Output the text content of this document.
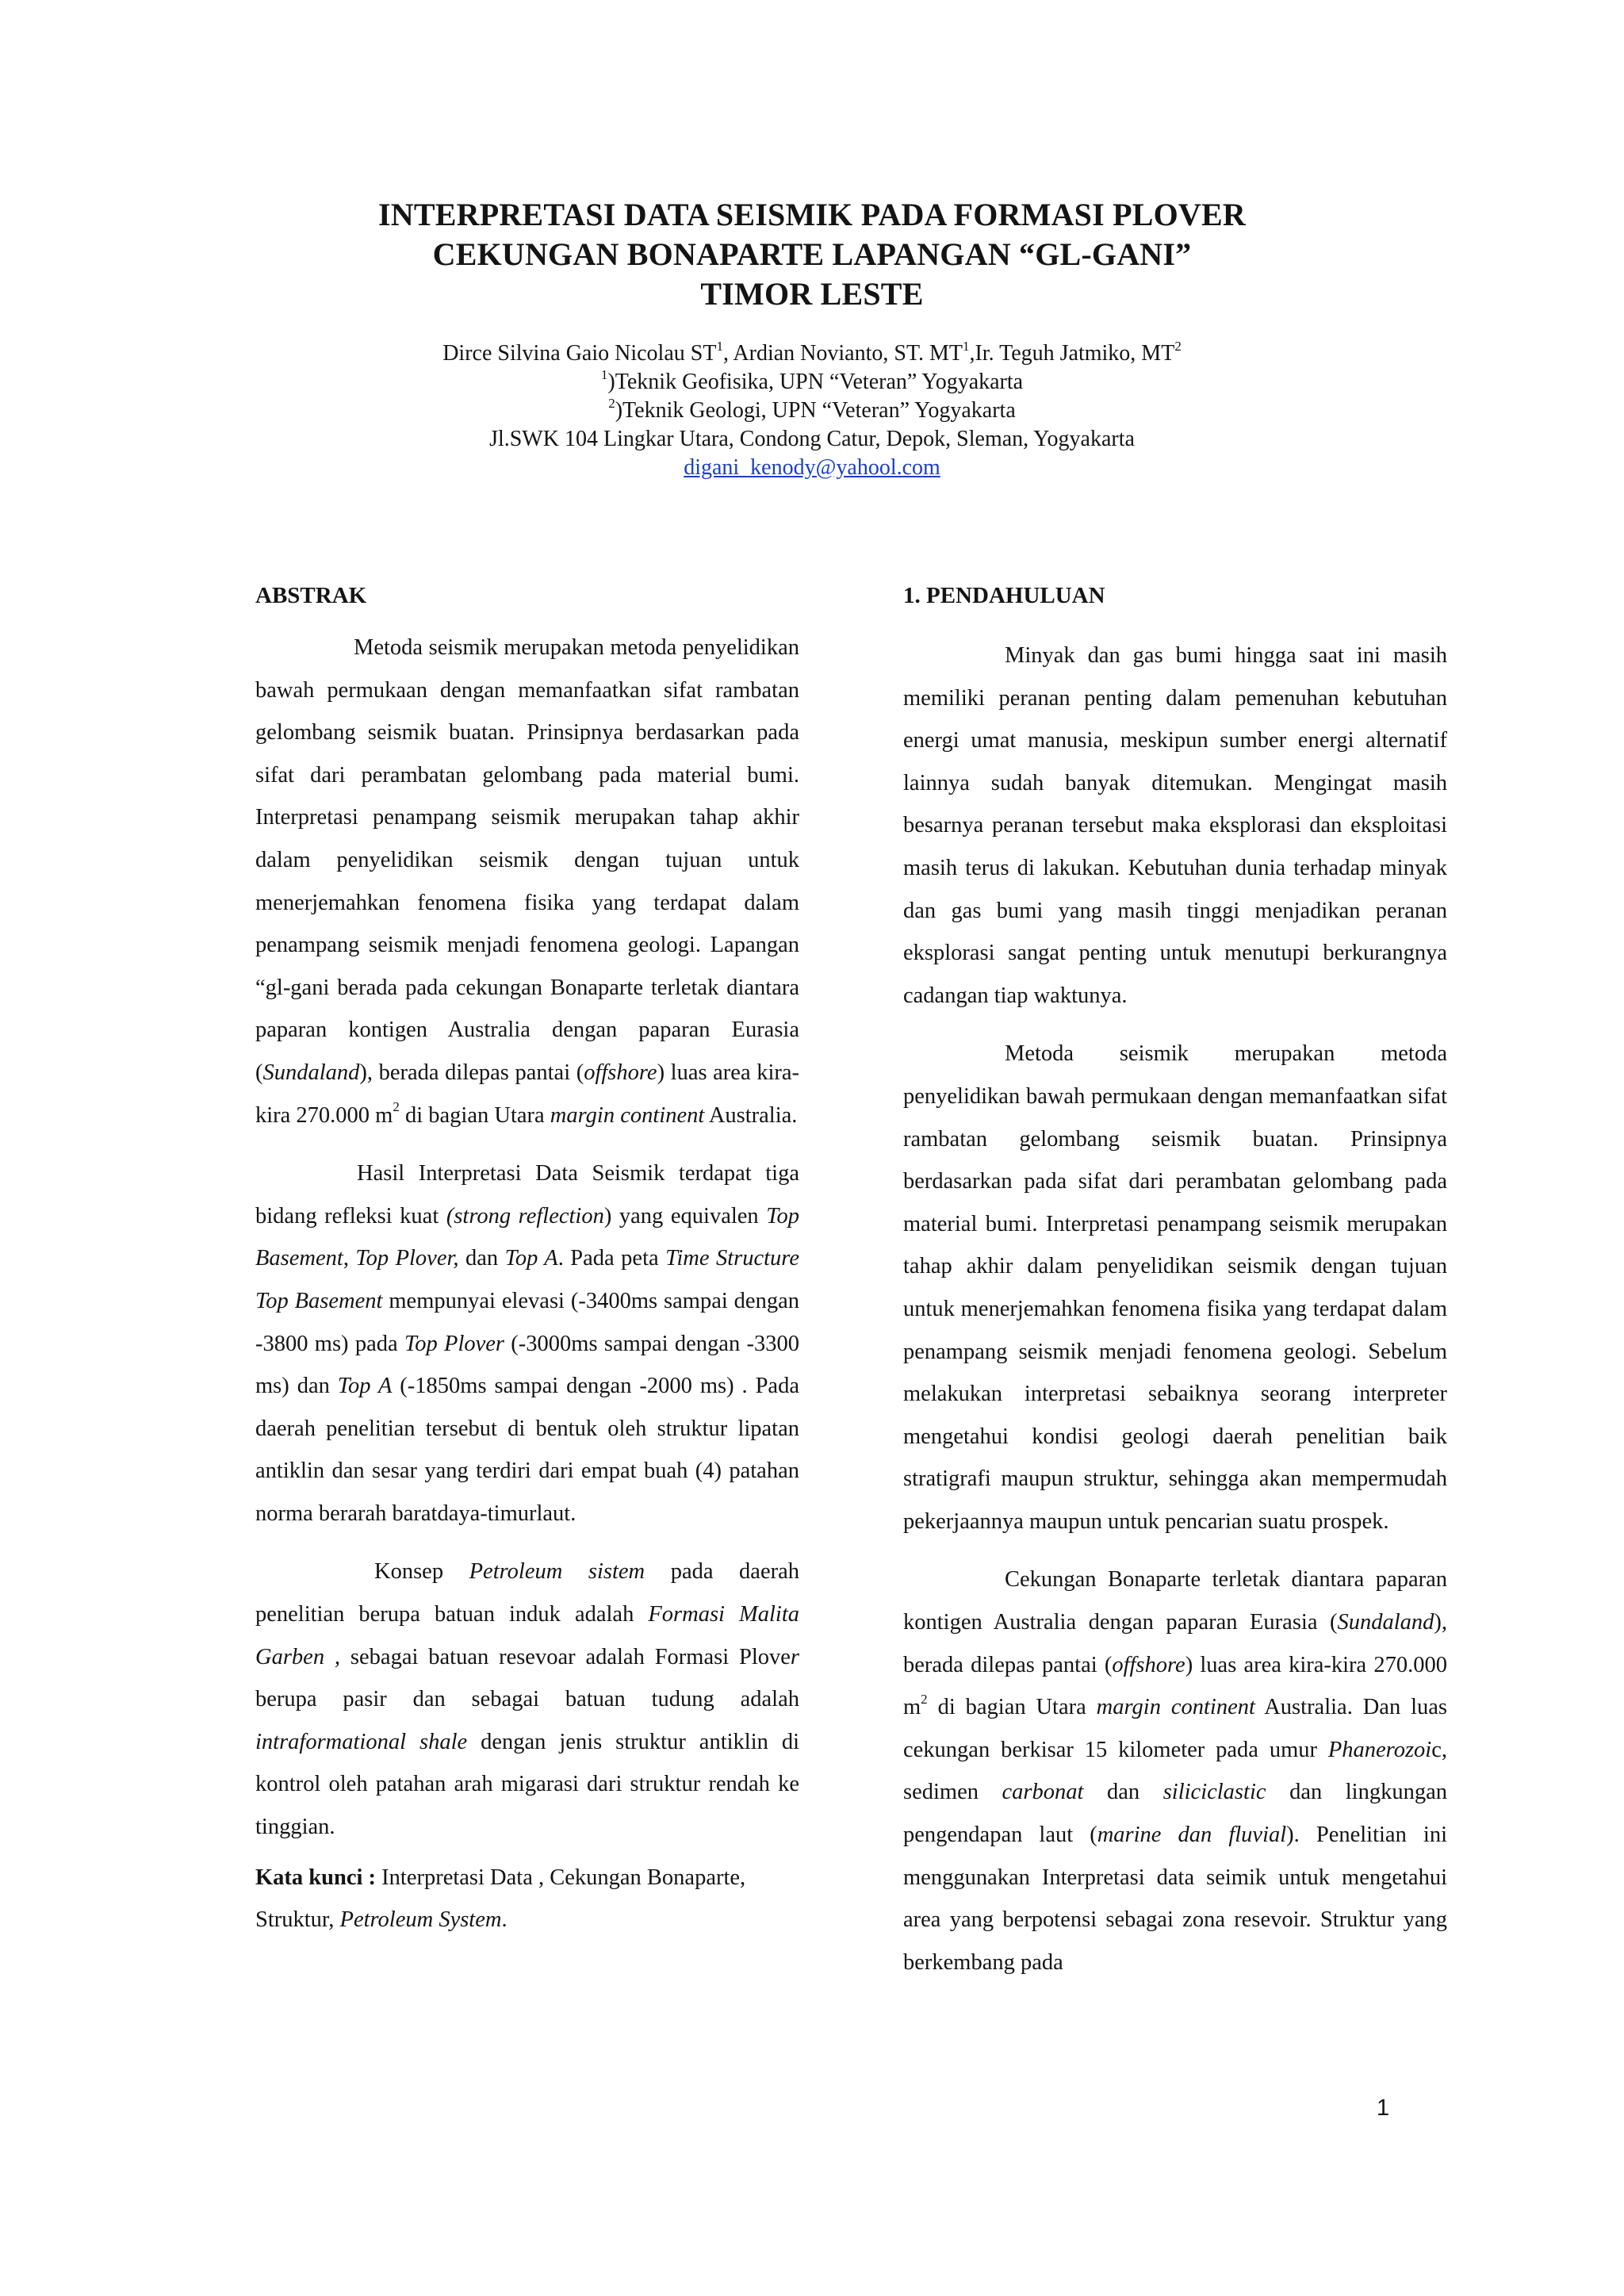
INTERPRETASI DATA SEISMIK PADA FORMASI PLOVER
CEKUNGAN BONAPARTE LAPANGAN “GL-GANI”
TIMOR LESTE
Dirce Silvina Gaio Nicolau $ST^1$, Ardian Novianto, ST. $MT^1,Ir$. Teguh Jatmiko, $MT^2$
$^1$)Teknik Geofisika, UPN “Veteran” Yogyakarta
$^2$)Teknik Geologi, UPN “Veteran” Yogyakarta
Jl.SWK 104 Lingkar Utara, Condong Catur, Depok, Sleman, Yogyakarta
digani_kenody@yahool.com
ABSTRAK

Metoda seismik merupakan metoda penyelidikan bawah permukaan dengan memanfaatkan sifat rambatan gelombang seismik buatan. Prinsipnya berdasarkan pada sifat dari perambatan gelombang pada material bumi. Interpretasi penampang seismik merupakan tahap akhir dalam penyelidikan seismik dengan tujuan untuk menerjemahkan fenomena fisika yang terdapat dalam penampang seismik menjadi fenomena geologi. Lapangan “gl-gani berada pada cekungan Bonaparte terletak diantara paparan kontigen Australia dengan paparan Eurasia (Sundaland), berada dilepas pantai (offshore) luas area kira-kira 270.000 $m^2$ di bagian Utara margin continent Australia.

Hasil Interpretasi Data Seismik terdapat tiga bidang refleksi kuat (strong reflection) yang equivalen Top Basement, Top Plover, dan Top A. Pada peta Time Structure Top Basement mempunyai elevasi (-3400ms sampai dengan -3800 ms) pada Top Plover (-3000ms sampai dengan -3300 ms) dan Top A (-1850ms sampai dengan -2000 ms) . Pada daerah penelitian tersebut di bentuk oleh struktur lipatan antiklin dan sesar yang terdiri dari empat buah (4) patahan norma berarah baratdaya-timurlaut.

Konsep Petroleum sistem pada daerah penelitian berupa batuan induk adalah Formasi Malita Garben , sebagai batuan resevoar adalah Formasi Plover berupa pasir dan sebagai batuan tudung adalah intraformational shale dengan jenis struktur antiklin di kontrol oleh patahan arah migarasi dari struktur rendah ke tinggian.

Kata kunci : Interpretasi Data , Cekungan Bonaparte, Struktur, Petroleum System.

1. PENDAHULUAN

Minyak dan gas bumi hingga saat ini masih memiliki peranan penting dalam pemenuhan kebutuhan energi umat manusia, meskipun sumber energi alternatif lainnya sudah banyak ditemukan. Mengingat masih besarnya peranan tersebut maka eksplorasi dan eksploitasi masih terus di lakukan. Kebutuhan dunia terhadap minyak dan gas bumi yang masih tinggi menjadikan peranan eksplorasi sangat penting untuk menutupi berkurangnya cadangan tiap waktunya.

Metoda seismik merupakan metoda penyelidikan bawah permukaan dengan memanfaatkan sifat rambatan gelombang seismik buatan. Prinsipnya berdasarkan pada sifat dari perambatan gelombang pada material bumi. Interpretasi penampang seismik merupakan tahap akhir dalam penyelidikan seismik dengan tujuan untuk menerjemahkan fenomena fisika yang terdapat dalam penampang seismik menjadi fenomena geologi. Sebelum melakukan interpretasi sebaiknya seorang interpreter mengetahui kondisi geologi daerah penelitian baik stratigrafi maupun struktur, sehingga akan mempermudah pekerjaannya maupun untuk pencarian suatu prospek.

Cekungan Bonaparte terletak diantara paparan kontigen Australia dengan paparan Eurasia (Sundaland), berada dilepas pantai (offshore) luas area kira-kira 270.000 $m^2$ di bagian Utara margin continent Australia. Dan luas cekungan berkisar 15 kilometer pada umur Phanerozoic, sedimen carbonat dan siliciclastic dan lingkungan pengendapan laut (marine dan fluvial). Penelitian ini menggunakan Interpretasi data seimik untuk mengetahui area yang berpotensi sebagai zona resevoir. Struktur yang berkembang pada

1
